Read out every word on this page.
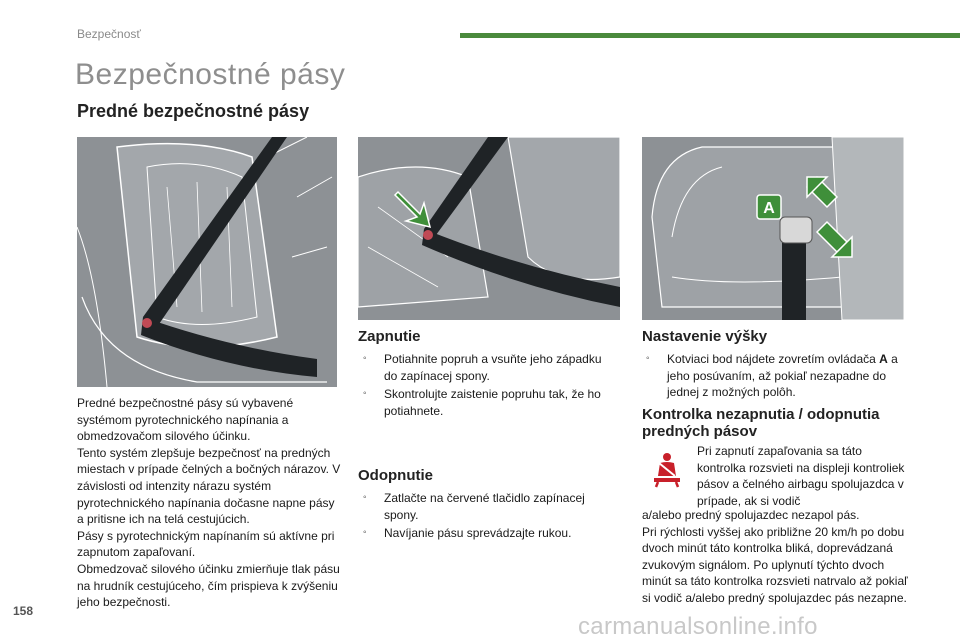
Bezpečnosť
Bezpečnostné pásy
Predné bezpečnostné pásy
A

Predné bezpečnostné pásy sú vybavené systémom pyrotechnického napínania a obmedzovačom silového účinku.

Tento systém zlepšuje bezpečnosť na predných miestach v prípade čelných a bočných nárazov. V závislosti od intenzity nárazu systém pyrotechnického napínania dočasne napne pásy a pritisne ich na telá cestujúcich.

Pásy s pyrotechnickým napínaním sú aktívne pri zapnutom zapaľovaní.

Obmedzovač silového účinku zmierňuje tlak pásu na hrudník cestujúceho, čím prispieva k zvýšeniu jeho bezpečnosti.

Zapnutie
◦ Potiahnite popruh a vsuňte jeho západku do zapínacej spony.
◦ Skontrolujte zaistenie popruhu tak, že ho potiahnete.
Odopnutie
◦ Zatlačte na červené tlačidlo zapínacej spony.
◦ Navíjanie pásu sprevádzajte rukou.
Nastavenie výšky
◦ Kotviaci bod nájdete zovretím ovládača A a jeho posúvaním, až pokiaľ nezapadne do jednej z možných polôh.
Kontrolka nezapnutia / odopnutia predných pásov

Pri zapnutí zapaľovania sa táto kontrolka rozsvieti na displeji kontroliek pásov a čelného airbagu spolujazdca v prípade, ak si vodič

a/alebo predný spolujazdec nezapol pás.

Pri rýchlosti vyššej ako približne 20 km/h po dobu dvoch minút táto kontrolka bliká, doprevádzaná zvukovým signálom. Po uplynutí týchto dvoch minút sa táto kontrolka rozsvieti natrvalo až pokiaľ si vodič a/alebo predný spolujazdec pás nezapne.

158
carmanualsonline.info
